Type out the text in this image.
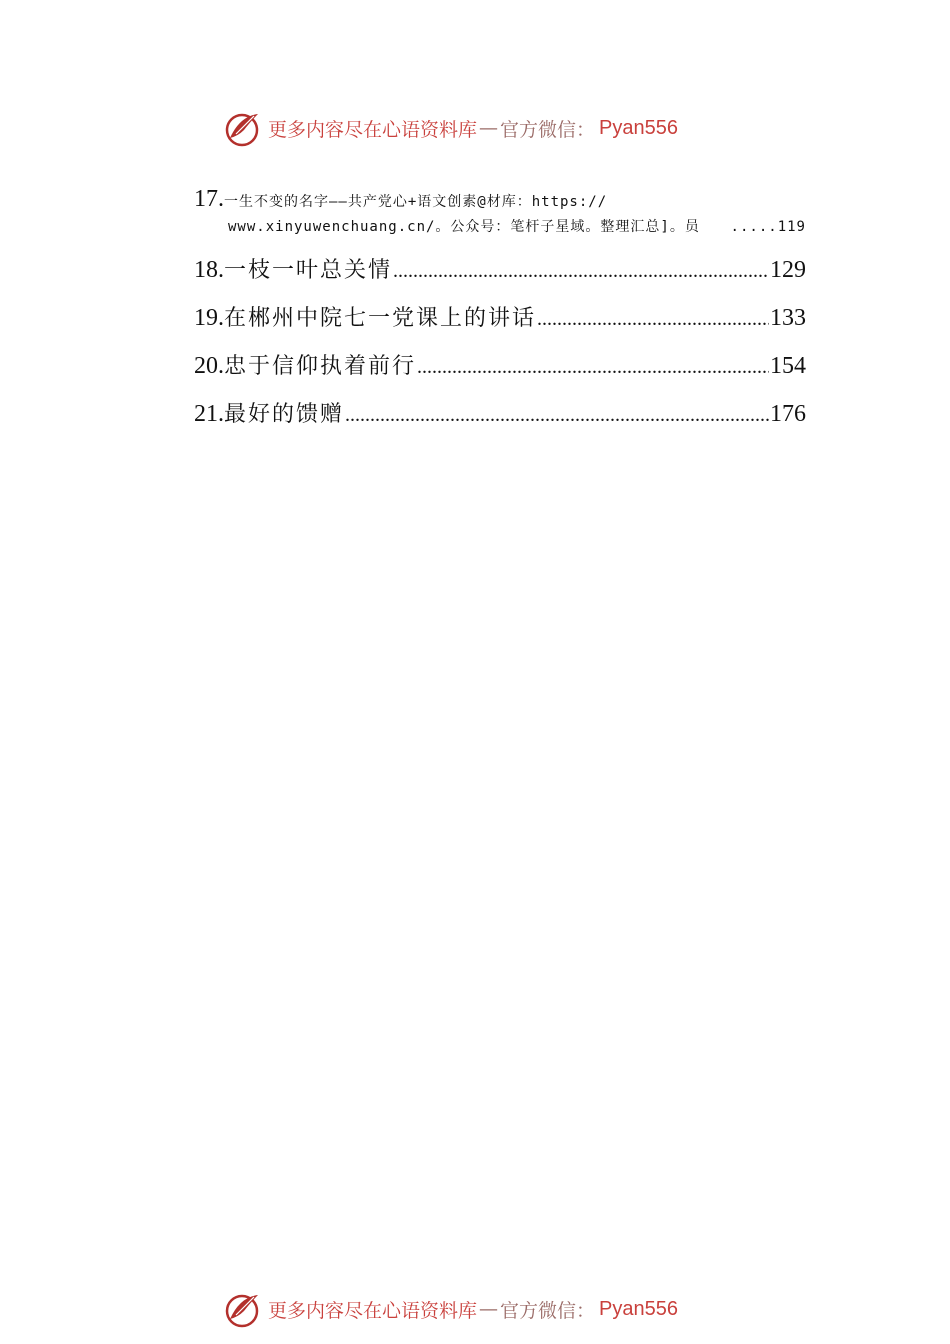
更多内容尽在心语资料库 — 官方微信： Pyan556
17. 一生不变的名字——共产党心+语文创素@材库：https://
www.xinyuwenchuang.cn/。公众号：笔杆子星域。整理汇总]。员	.....119
18. 一枝一叶总关情 .....	129
19. 在郴州中院七一党课上的讲话 .....	133
20. 忠于信仰执着前行 .....	154
21. 最好的馈赠 .....	176
更多内容尽在心语资料库 — 官方微信： Pyan556
